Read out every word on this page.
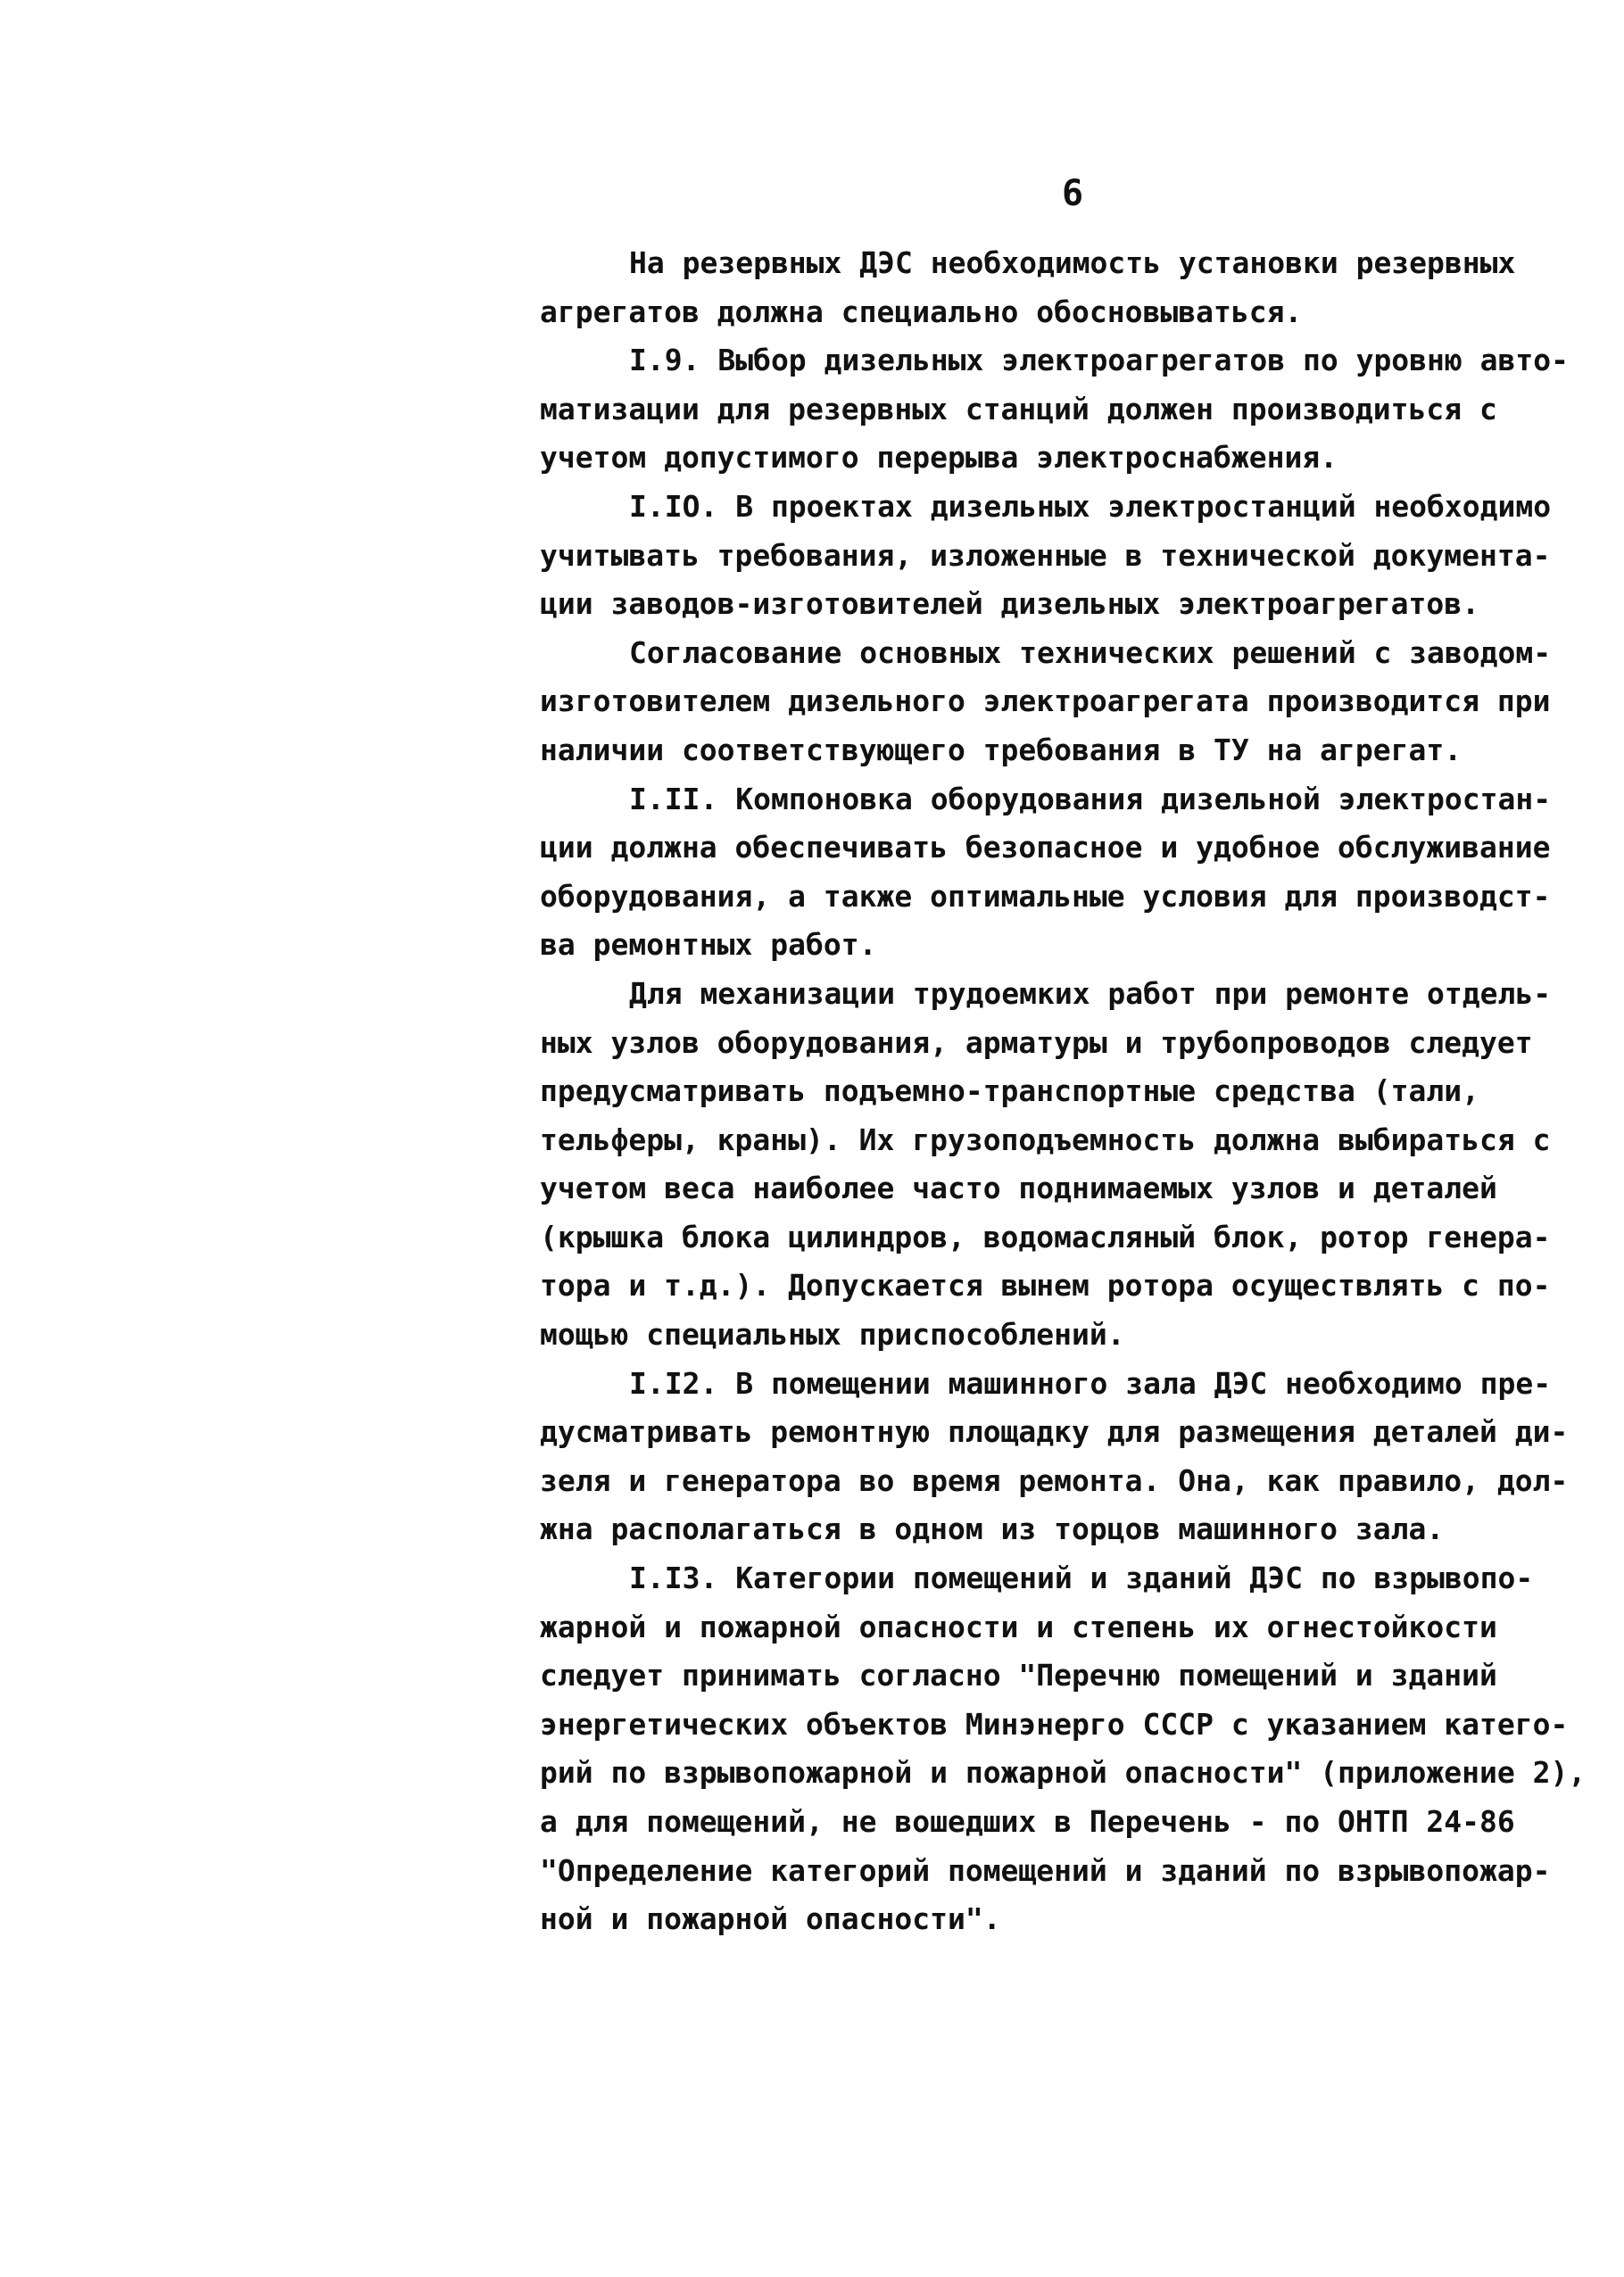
6
На резервных ДЭС необходимость установки резервных
агрегатов должна специально обосновываться.
I.9. Выбор дизельных электроагрегатов по уровню авто-
матизации для резервных станций должен производиться с
учетом допустимого перерыва электроснабжения.
I.IO. В проектах дизельных электростанций необходимо
учитывать требования, изложенные в технической документа-
ции заводов-изготовителей дизельных электроагрегатов.
Согласование основных технических решений с заводом-
изготовителем дизельного электроагрегата производится при
наличии соответствующего требования в ТУ на агрегат.
I.II. Компоновка оборудования дизельной электростан-
ции должна обеспечивать безопасное и удобное обслуживание
оборудования, а также оптимальные условия для производст-
ва ремонтных работ.
Для механизации трудоемких работ при ремонте отдель-
ных узлов оборудования, арматуры и трубопроводов следует
предусматривать подъемно-транспортные средства (тали,
тельферы, краны). Их грузоподъемность должна выбираться с
учетом веса наиболее часто поднимаемых узлов и деталей
(крышка блока цилиндров, водомасляный блок, ротор генера-
тора и т.д.). Допускается вынем ротора осуществлять с по-
мощью специальных приспособлений.
I.I2. В помещении машинного зала ДЭС необходимо пре-
дусматривать ремонтную площадку для размещения деталей ди-
зеля и генератора во время ремонта. Она, как правило, дол-
жна располагаться в одном из торцов машинного зала.
I.I3. Категории помещений и зданий ДЭС по взрывопо-
жарной и пожарной опасности и степень их огнестойкости
следует принимать согласно "Перечню помещений и зданий
энергетических объектов Минэнерго СССР с указанием катего-
рий по взрывопожарной и пожарной опасности" (приложение 2),
а для помещений, не вошедших в Перечень - по ОНТП 24-86
"Определение категорий помещений и зданий по взрывопожар-
ной и пожарной опасности".
